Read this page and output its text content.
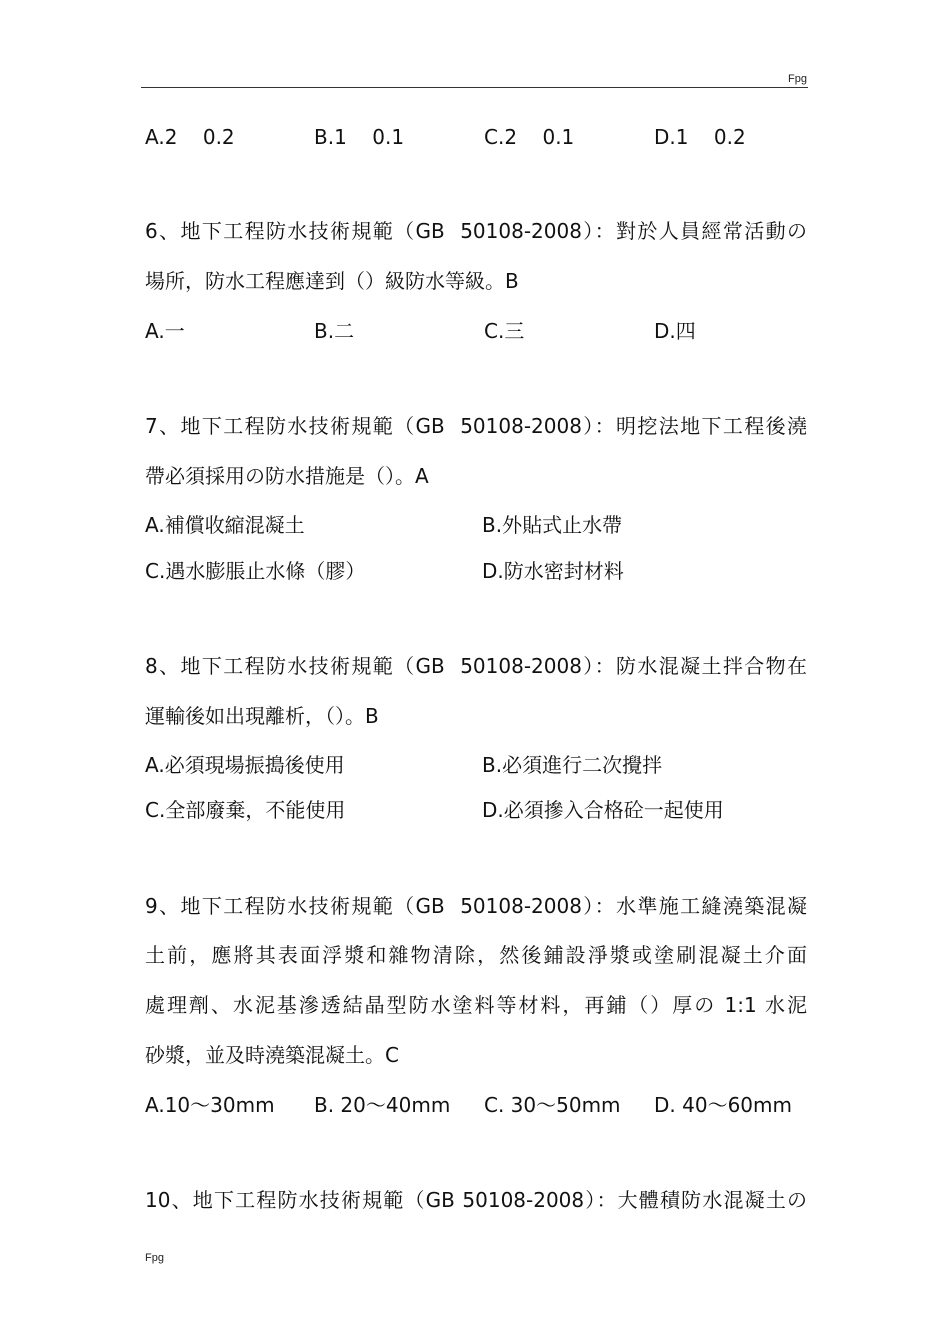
Fpg
A.2    0.2	B.1    0.1	C.2    0.1	D.1    0.2
6、地下工程防水技術規範（GB  50108-2008）：對於人員經常活動の
場所，防水工程應達到（）級防水等級。B
A.一	B.二	C.三	D.四
7、地下工程防水技術規範（GB  50108-2008）：明挖法地下工程後澆
帶必須採用の防水措施是（）。A
A.補償收縮混凝土	B.外貼式止水帶
C.遇水膨脹止水條（膠）	D.防水密封材料
8、地下工程防水技術規範（GB  50108-2008）：防水混凝土拌合物在
運輸後如出現離析，（）。B
A.必須現場振搗後使用	B.必須進行二次攪拌
C.全部廢棄，不能使用	D.必須摻入合格砼一起使用
9、地下工程防水技術規範（GB  50108-2008）：水準施工縫澆築混凝
土前，應將其表面浮漿和雜物清除，然後鋪設淨漿或塗刷混凝土介面
處理劑、水泥基滲透結晶型防水塗料等材料，再鋪（）厚の 1:1 水泥
砂漿，並及時澆築混凝土。C
A.10～30mm B. 20～40mm C. 30～50mm D. 40～60mm
10、地下工程防水技術規範（GB 50108-2008）：大體積防水混凝土の
Fpg
